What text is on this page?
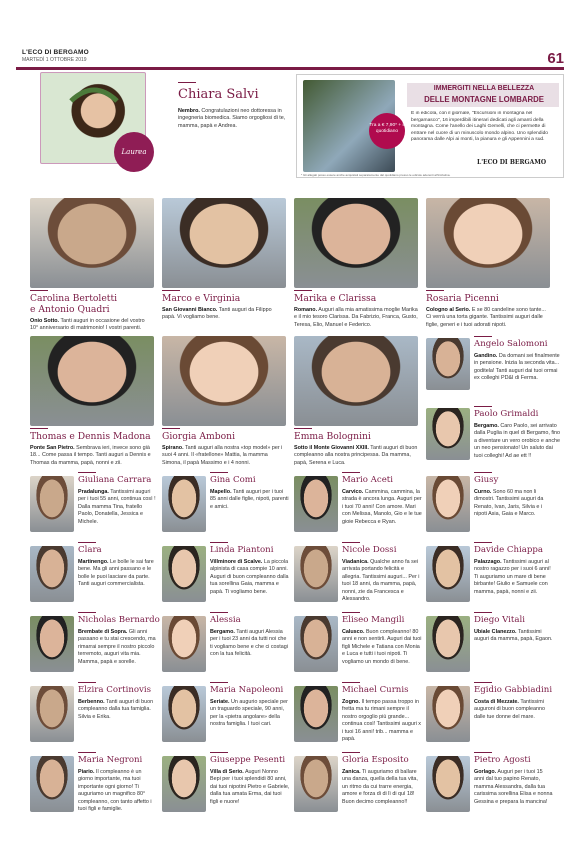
L'ECO DI BERGAMO
MARTEDÌ 1 OTTOBRE 2019	61
Laurea
Chiara Salvi
Nembro. Congratulazioni neo dottoressa in ingegneria biomedica. Siamo orgogliosi di te, mamma, papà e Andrea.	Tra a € 7,90* + il quotidiano
IMMERGITI NELLA BELLEZZA
DELLE MONTAGNE LOMBARDE
È in edicola, con il giornale, "Escursioni in montagna nel bergamasco", 16 imperdibili itinerari dedicati agli amanti della montagna. Come l'anello dei Laghi Gemelli, che ci permette di entrare nel cuore di un minuscolo mondo alpino. Uno splendido panorama dalle Alpi ai monti, la pianura e gli Appennini a sud.
L'ECO DI BERGAMO
* Gli allegati posso essere anche acquistati separatamente dal quotidiano presso le edicole aderenti all'iniziativa.
Carolina Bertoletti
e Antonio Quadri
Onio Sotto. Tanti auguri in occasione del vostro 10° anniversario di matrimonio! I vostri parenti.
Marco e Virginia
San Giovanni Bianco. Tanti auguri da Filippo papà. Vi vogliamo bene.
Marika e Clarissa
Romano. Auguri alla mia amatissima moglie Marika e il mio tesoro Clarissa. Da Fabrizio, Franca, Gusto, Teresa, Elio, Manuel e Federico.
Rosaria Picenni
Cologno al Serio. E se 80 candeline sono tante... Ci verrà una torta gigante. Tantissimi auguri dalle figlie, generi e i tuoi adorati nipoti.
Thomas e Dennis Madona
Ponte San Pietro. Sembrava ieri, invece sono già 18... Come passa il tempo. Tanti auguri a Dennis e Thomas da mamma, papà, nonni e zii.
Giorgia Amboni
Spirano. Tanti auguri alla nostra «top model» per i suoi 4 anni. Il «fratellone» Mattia, la mamma Simona, il papà Massimo e i 4 nonni.
Emma Bolognini
Sotto il Monte Giovanni XXIII. Tanti auguri di buon compleanno alla nostra principessa. Da mamma, papà, Serena e Luca.
Angelo Salomoni
Gandino. Da domani sei finalmente in pensione. Inizia la seconda vita... goditela! Tanti auguri dai tuoi ormai ex colleghi PD&I di Ferma.
Paolo Grimaldi
Bergamo. Caro Paolo, sei arrivato dalla Puglia in quel di Bergamo, fino a diventare un vero orobico e anche un neo pensionato! Un saluto dai tuoi colleghi! Ad ae ett !!
Giuliana Carrara
Pradalunga. Tantissimi auguri per i tuoi 55 anni, continua così ! Dalla mamma Tina, fratello Paolo, Donatella, Jessica e Michele.
Gina Comi
Mapello. Tanti auguri per i tuoi 85 anni dalle figlie, nipoti, parenti e amici.
Mario Aceti
Carvico. Cammina, cammina, la strada è ancora lunga. Auguri per i tuoi 70 anni! Con amore. Mari con Melissa, Manolo, Gio e le tue gioie Rebecca e Ryan.
Giusy
Curno. Sono 60 ma non li dimostri. Tantissimi auguri da Renato, Ivan, Jaris, Silvia e i nipoti Asia, Gaia e Marco.
Clara
Martinengo. Le bolle le sai fare bene. Ma gli anni passano e le bolle le puoi lasciare da parte. Tanti auguri commercialista.
Linda Piantoni
Villminore di Scalve. La piccola alpinista di casa compie 10 anni. Auguri di buon compleanno dalla tua sorellina Gaia, mamma e papà. Ti vogliamo bene.
Nicole Dossi
Viadanica. Qualche anno fa sei arrivata portando felicità e allegria. Tantissimi auguri... Per i tuoi 18 anni, da mamma, papà, nonni, zie da Francesca e Alessandro.
Davide Chiappa
Palazzago. Tantissimi auguri al nostro ragazzo per i suoi 6 anni! Ti auguriamo un mare di bene birbante! Giulio e Samuele con mamma, papà, nonni e zii.
Nicholas Bernardo
Brembate di Sopra. Gli anni passano e tu stai crescendo, ma rimarrai sempre il nostro piccolo terremoto, auguri vita mia. Mamma, papà e sorelle.
Alessia
Bergamo. Tanti auguri Alessia per i tuoi 23 anni da tutti noi che ti vogliamo bene e che ci costagi con la tua felicità.
Eliseo Mangili
Calusco. Buon compleanno! 80 anni e non sentirli. Auguri dai tuoi figli Michele e Tatiana con Monia e Luca e tutti i tuoi nipoti. Ti vogliamo un mondo di bene.
Diego Vitali
Ubiale Clanezzo. Tantissimi auguri da mamma, papà, Egaon.
Elzira Cortinovis
Berbenno. Tanti auguri di buon compleanno dalla tua famiglia. Silvia e Erika.
Maria Napoleoni
Seriate. Un augurio speciale per un traguardo speciale, 90 anni, per la «pietra angolare» della nostra famiglia. I tuoi cari.
Michael Curnis
Zogno. Il tempo passa troppo in fretta ma tu rimani sempre il nostro orgoglio più grande... continua così! Tantissimi auguri x i tuoi 16 anni! trib... mamma e papà.
Egidio Gabbiadini
Costa di Mezzate. Tantissimi auguroni di buon compleanno dalle tue donne del mare.
Maria Negroni
Piario. Il compleanno è un giorno importante, ma tuoi importante ogni giorno! Ti auguriamo un magnifico 80° compleanno, con tanto affetto i tuoi figli e famiglie.
Giuseppe Pesenti
Villa di Serio. Auguri Nonno Bepi per i tuoi splendidi 80 anni, dai tuoi nipotini Pietro e Gabriele, dalla tua amata Erma, dai tuoi figli e nuore!
Gloria Esposito
Zanica. Ti auguriamo di ballare una danza, quella della tua vita, un ritmo da cui trarre energia, amore e forza di di lì di quì 18! Buon decimo compleanno!!
Pietro Agosti
Gorlago. Auguri per i tuoi 15 anni dal tuo papino Renato, mamma Alessandra, dalla tua carissima sorellina Elisa e nonna Gessina e prepara la mancina!
